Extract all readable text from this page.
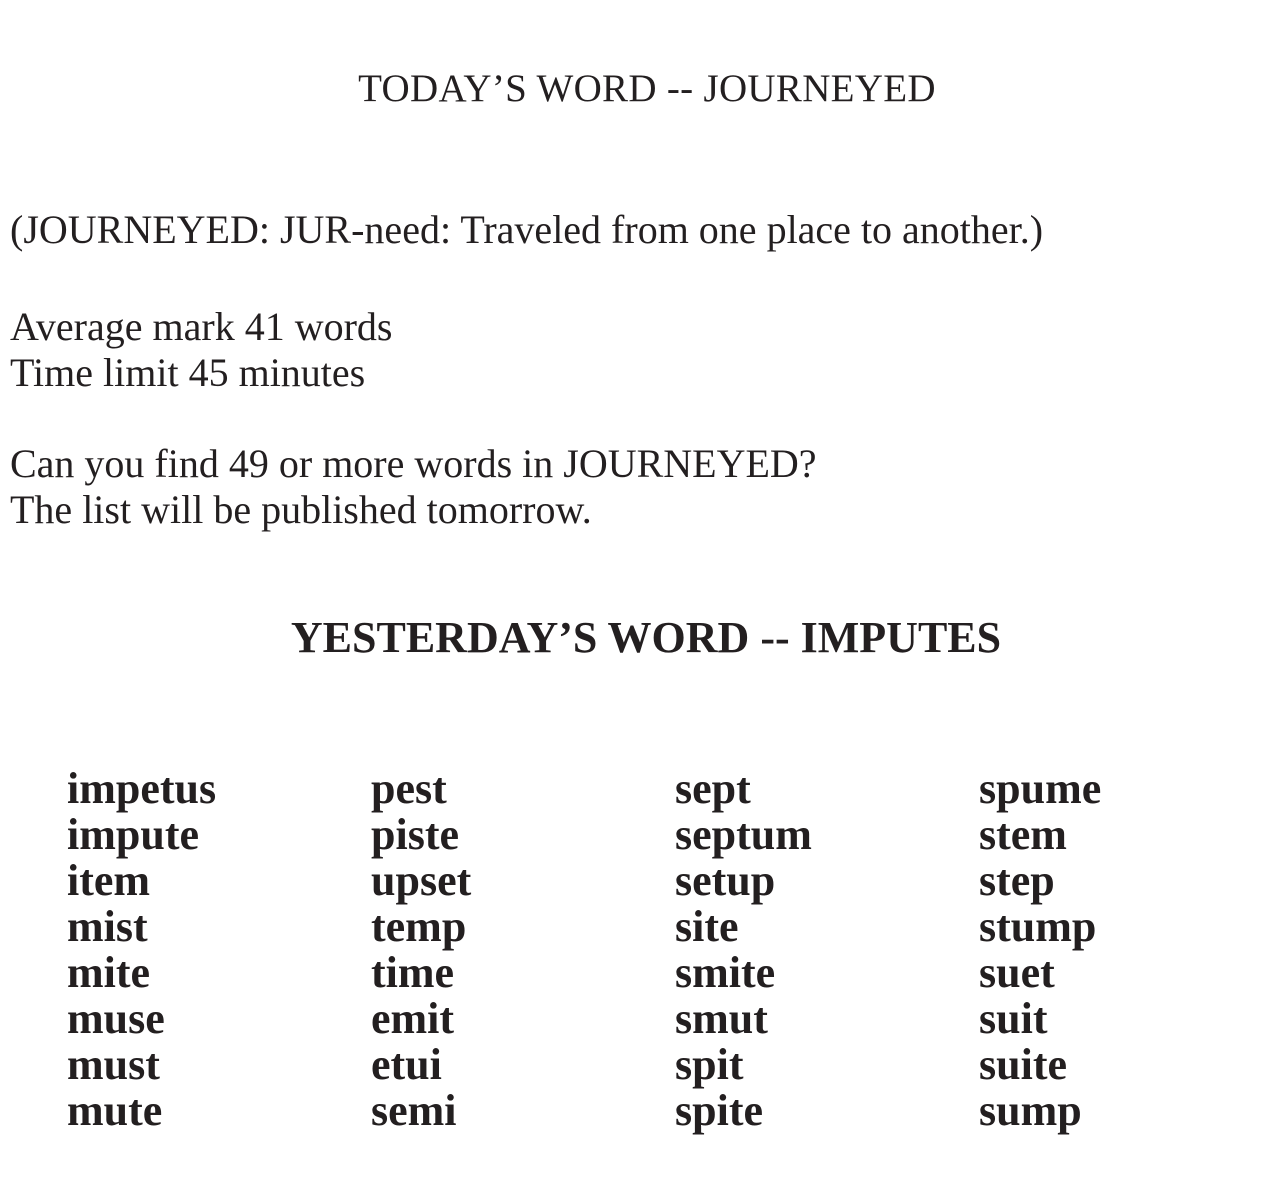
TODAY’S WORD -- JOURNEYED
(JOURNEYED: JUR-need: Traveled from one place to another.)
Average mark 41 words
Time limit 45 minutes
Can you find 49 or more words in JOURNEYED?
The list will be published tomorrow.
YESTERDAY’S WORD -- IMPUTES
impetus
impute
item
mist
mite
muse
must
mute
pest
piste
upset
temp
time
emit
etui
semi
sept
septum
setup
site
smite
smut
spit
spite
spume
stem
step
stump
suet
suit
suite
sump
